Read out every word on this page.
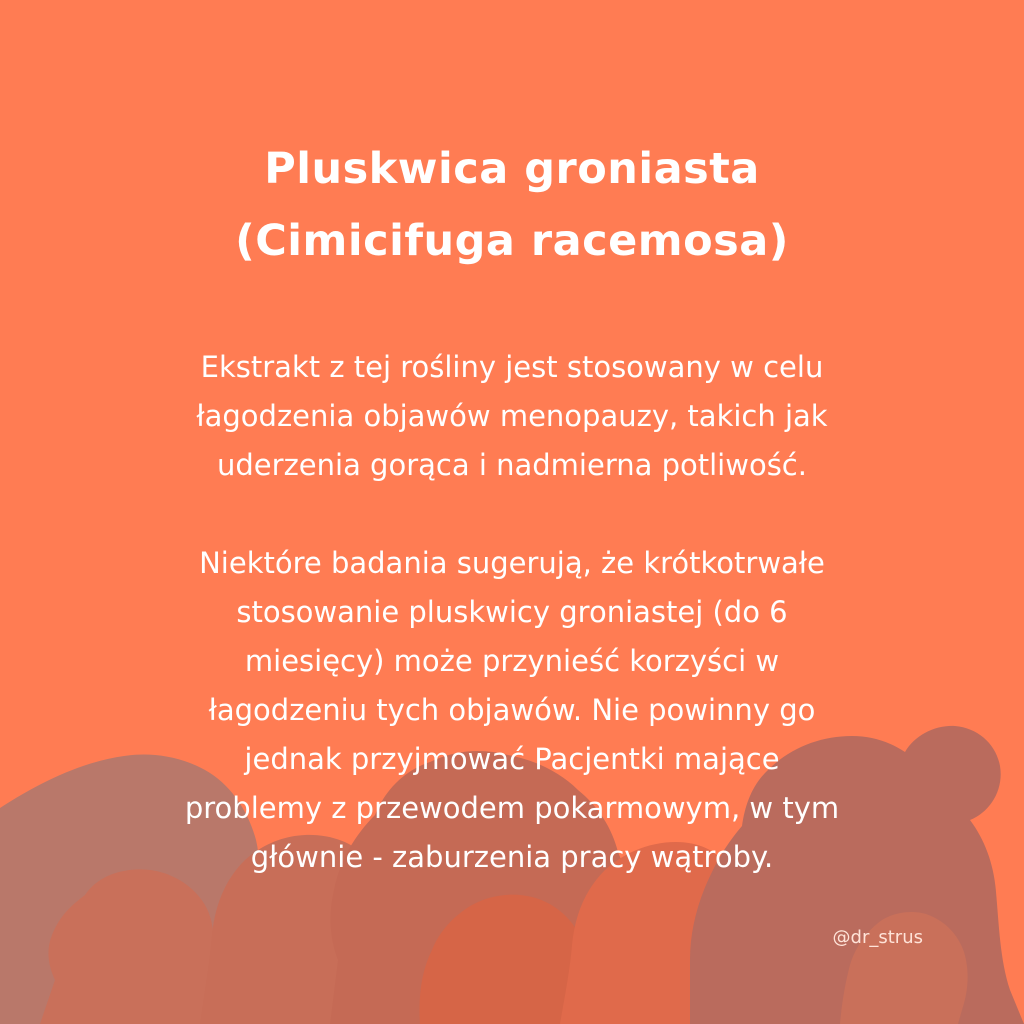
Pluskwica groniasta
(Cimicifuga racemosa)
Ekstrakt z tej rośliny jest stosowany w celu
łagodzenia objawów menopauzy, takich jak
uderzenia gorąca i nadmierna potliwość.
Niektóre badania sugerują, że krótkotrwałe
stosowanie pluskwicy groniastej (do 6
miesięcy) może przynieść korzyści w
łagodzeniu tych objawów. Nie powinny go
jednak przyjmować Pacjentki mające
problemy z przewodem pokarmowym, w tym
głównie - zaburzenia pracy wątroby.
@dr_strus
